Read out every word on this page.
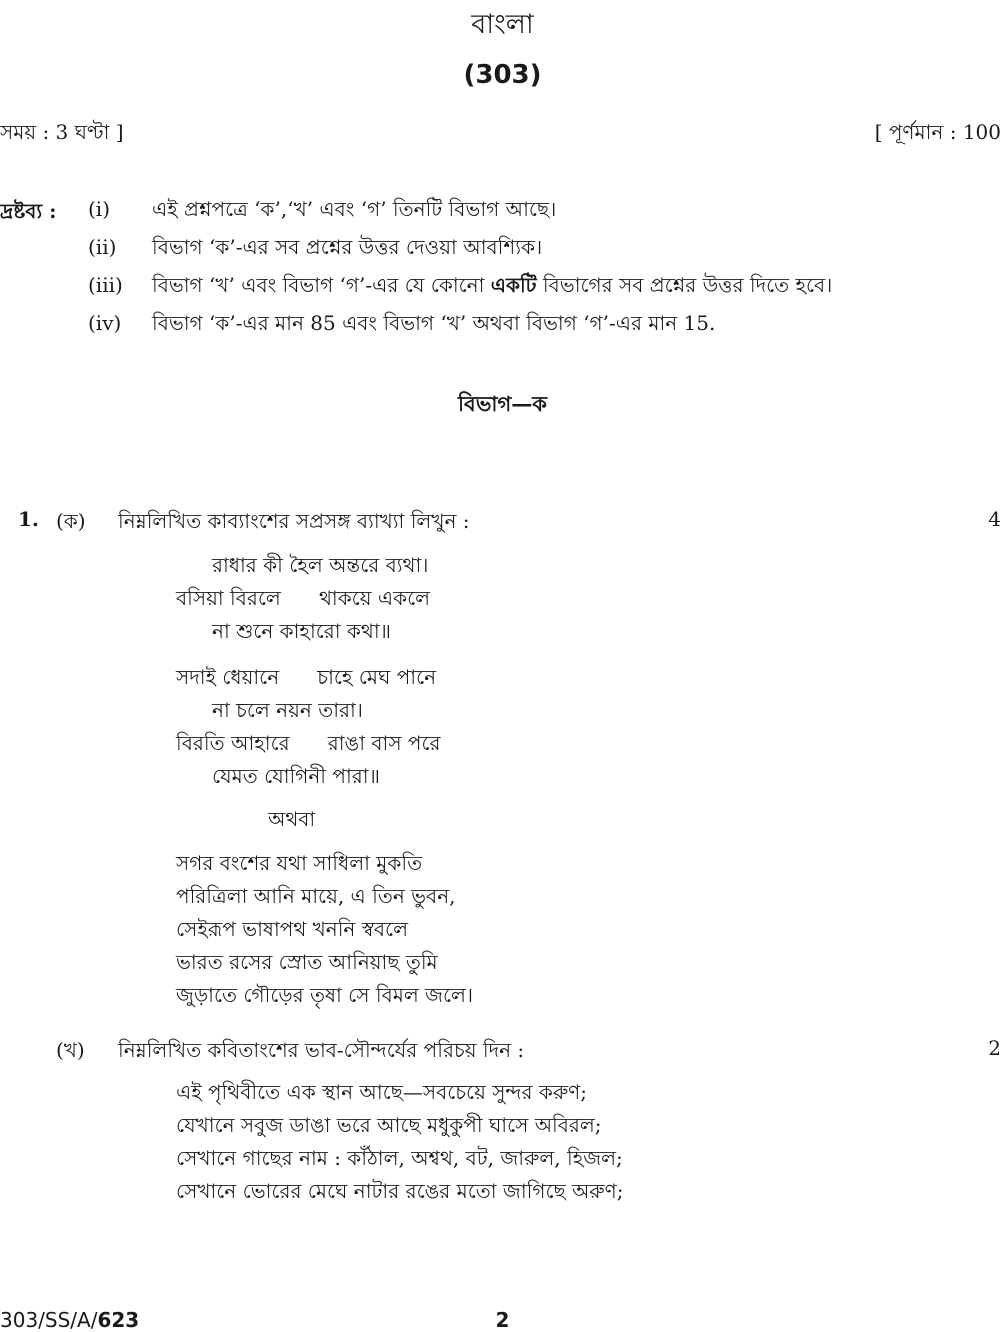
বাংলা
(303)
সময় : 3 ঘণ্টা ]	[ পূর্ণমান : 100
দ্রষ্টব্য : (i) এই প্রশ্নপত্রে ‘ক’,‘খ’ এবং ‘গ’ তিনটি বিভাগ আছে।
(ii) বিভাগ ‘ক’-এর সব প্রশ্নের উত্তর দেওয়া আবশ্যিক।
(iii) বিভাগ ‘খ’ এবং বিভাগ ‘গ’-এর যে কোনো একটি বিভাগের সব প্রশ্নের উত্তর দিতে হবে।
(iv) বিভাগ ‘ক’-এর মান 85 এবং বিভাগ ‘খ’ অথবা বিভাগ ‘গ’-এর মান 15.
বিভাগ—ক
1. (ক) নিম্নলিখিত কাব্যাংশের সপ্রসঙ্গ ব্যাখ্যা লিখুন :	4
রাধার কী হৈল অন্তরে ব্যথা।
বসিয়া বিরলে      থাকয়ে একলে
না শুনে কাহারো কথা॥
সদাই ধেয়ানে      চাহে মেঘ পানে
না চলে নয়ন তারা।
বিরতি আহারে      রাঙা বাস পরে
যেমত যোগিনী পারা॥
অথবা
সগর বংশের যথা সাধিলা মুকতি
পরিত্রিলা আনি মায়ে, এ তিন ভুবন,
সেইরূপ ভাষাপথ খননি স্ববলে
ভারত রসের স্রোত আনিয়াছ তুমি
জুড়াতে গৌড়ের তৃষা সে বিমল জলে।
(খ) নিম্নলিখিত কবিতাংশের ভাব-সৌন্দর্যের পরিচয় দিন :	2
এই পৃথিবীতে এক স্থান আছে—সবচেয়ে সুন্দর করুণ;
যেখানে সবুজ ডাঙা ভরে আছে মধুকুপী ঘাসে অবিরল;
সেখানে গাছের নাম : কাঁঠাল, অশ্বথ, বট, জারুল, হিজল;
সেখানে ভোরের মেঘে নাটার রঙের মতো জাগিছে অরুণ;
303/SS/A/623	2
